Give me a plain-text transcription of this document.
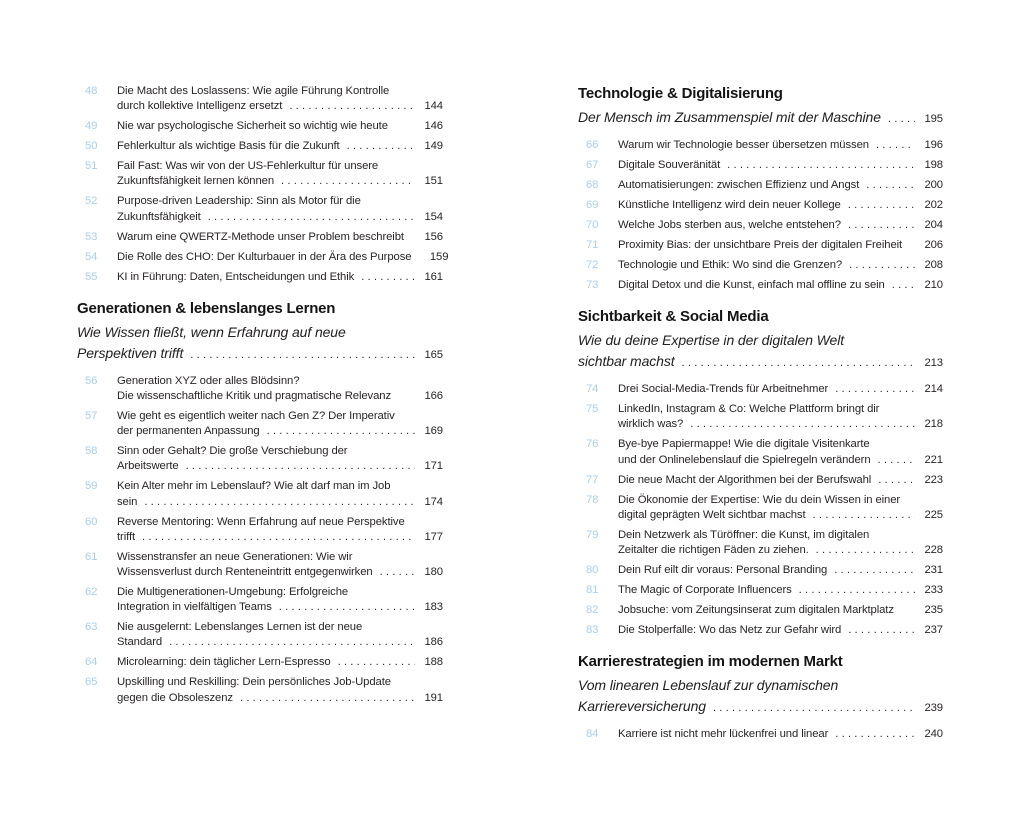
48	Die Macht des Loslassens: Wie agile Führung Kontrolle
durch kollektive Intelligenz ersetzt .....	144
49	Nie war psychologische Sicherheit so wichtig wie heute	146
50	Fehlerkultur als wichtige Basis für die Zukunft .....	149
51	Fail Fast: Was wir von der US-Fehlerkultur für unsere
Zukunftsfähigkeit lernen können .....	151
52	Purpose-driven Leadership: Sinn als Motor für die
Zukunftsfähigkeit .....	154
53	Warum eine QWERTZ-Methode unser Problem beschreibt	156
54	Die Rolle des CHO: Der Kulturbauer in der Ära des Purpose	159
55	KI in Führung: Daten, Entscheidungen und Ethik .....	161
Generationen & lebenslanges Lernen
Wie Wissen fließt, wenn Erfahrung auf neue
Perspektiven trifft .....	165
56	Generation XYZ oder alles Blödsinn?
Die wissenschaftliche Kritik und pragmatische Relevanz	166
57	Wie geht es eigentlich weiter nach Gen Z? Der Imperativ
der permanenten Anpassung .....	169
58	Sinn oder Gehalt? Die große Verschiebung der
Arbeitswerte .....	171
59	Kein Alter mehr im Lebenslauf? Wie alt darf man im Job
sein .....	174
60	Reverse Mentoring: Wenn Erfahrung auf neue Perspektive
trifft .....	177
61	Wissenstransfer an neue Generationen: Wie wir
Wissensverlust durch Renteneintritt entgegenwirken .....	180
62	Die Multigenerationen-Umgebung: Erfolgreiche
Integration in vielfältigen Teams .....	183
63	Nie ausgelernt: Lebenslanges Lernen ist der neue
Standard .....	186
64	Microlearning: dein täglicher Lern-Espresso .....	188
65	Upskilling und Reskilling: Dein persönliches Job-Update
gegen die Obsoleszenz .....	191
Technologie & Digitalisierung
Der Mensch im Zusammenspiel mit der Maschine .....	195
66	Warum wir Technologie besser übersetzen müssen .....	196
67	Digitale Souveränität .....	198
68	Automatisierungen: zwischen Effizienz und Angst .....	200
69	Künstliche Intelligenz wird dein neuer Kollege .....	202
70	Welche Jobs sterben aus, welche entstehen? .....	204
71	Proximity Bias: der unsichtbare Preis der digitalen Freiheit	206
72	Technologie und Ethik: Wo sind die Grenzen? .....	208
73	Digital Detox und die Kunst, einfach mal offline zu sein .....	210
Sichtbarkeit & Social Media
Wie du deine Expertise in der digitalen Welt
sichtbar machst .....	213
74	Drei Social-Media-Trends für Arbeitnehmer .....	214
75	LinkedIn, Instagram & Co: Welche Plattform bringt dir
wirklich was? .....	218
76	Bye-bye Papiermappe! Wie die digitale Visitenkarte
und der Onlinelebenslauf die Spielregeln verändern .....	221
77	Die neue Macht der Algorithmen bei der Berufswahl .....	223
78	Die Ökonomie der Expertise: Wie du dein Wissen in einer
digital geprägten Welt sichtbar machst .....	225
79	Dein Netzwerk als Türöffner: die Kunst, im digitalen
Zeitalter die richtigen Fäden zu ziehen. .....	228
80	Dein Ruf eilt dir voraus: Personal Branding .....	231
81	The Magic of Corporate Influencers .....	233
82	Jobsuche: vom Zeitungsinserat zum digitalen Marktplatz	235
83	Die Stolperfalle: Wo das Netz zur Gefahr wird .....	237
Karrierestrategien im modernen Markt
Vom linearen Lebenslauf zur dynamischen
Karriereversicherung .....	239
84	Karriere ist nicht mehr lückenfrei und linear .....	240
